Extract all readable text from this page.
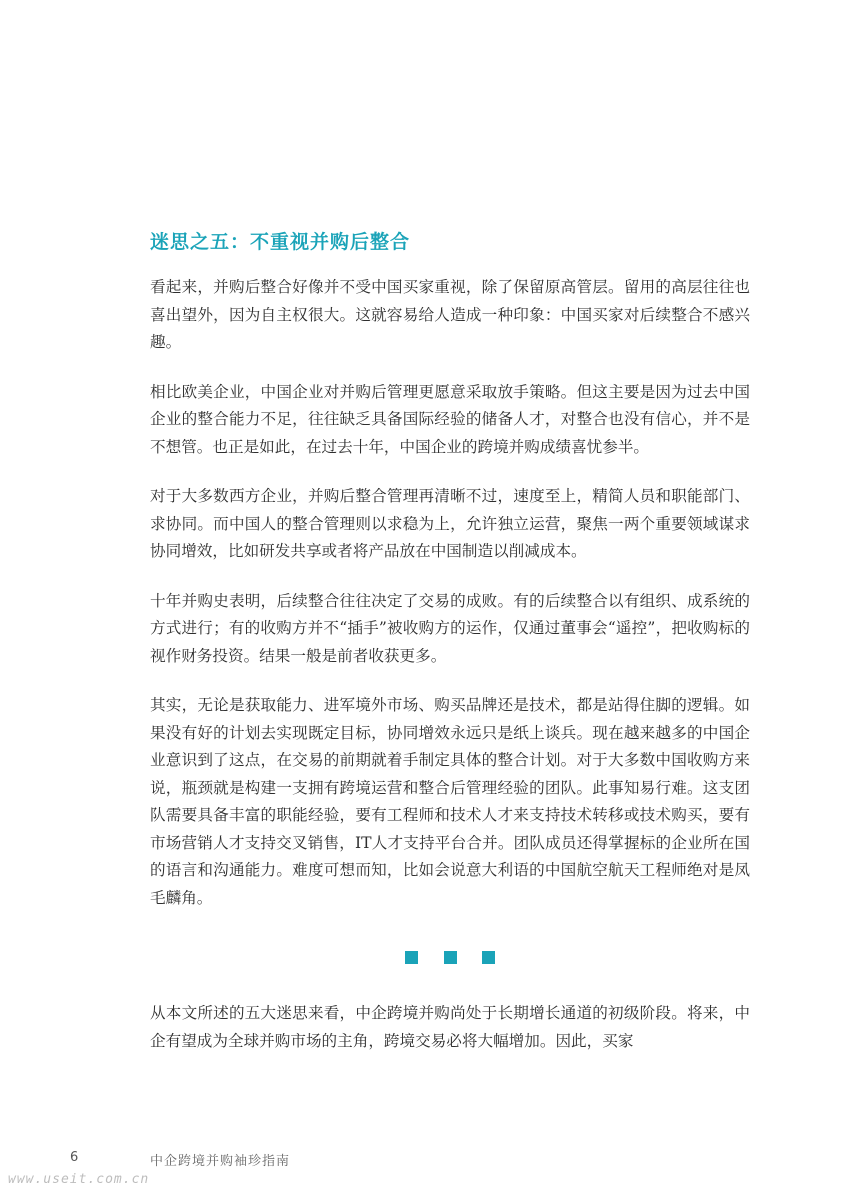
迷思之五：不重视并购后整合

看起来，并购后整合好像并不受中国买家重视，除了保留原高管层。留用的高层往往也喜出望外，因为自主权很大。这就容易给人造成一种印象：中国买家对后续整合不感兴趣。

相比欧美企业，中国企业对并购后管理更愿意采取放手策略。但这主要是因为过去中国企业的整合能力不足，往往缺乏具备国际经验的储备人才，对整合也没有信心，并不是不想管。也正是如此，在过去十年，中国企业的跨境并购成绩喜忧参半。

对于大多数西方企业，并购后整合管理再清晰不过，速度至上，精简人员和职能部门、求协同。而中国人的整合管理则以求稳为上，允许独立运营，聚焦一两个重要领域谋求协同增效，比如研发共享或者将产品放在中国制造以削减成本。

十年并购史表明，后续整合往往决定了交易的成败。有的后续整合以有组织、成系统的方式进行；有的收购方并不“插手”被收购方的运作，仅通过董事会“遥控”，把收购标的视作财务投资。结果一般是前者收获更多。

其实，无论是获取能力、进军境外市场、购买品牌还是技术，都是站得住脚的逻辑。如果没有好的计划去实现既定目标，协同增效永远只是纸上谈兵。现在越来越多的中国企业意识到了这点，在交易的前期就着手制定具体的整合计划。对于大多数中国收购方来说，瓶颈就是构建一支拥有跨境运营和整合后管理经验的团队。此事知易行难。这支团队需要具备丰富的职能经验，要有工程师和技术人才来支持技术转移或技术购买，要有市场营销人才支持交叉销售，IT人才支持平台合并。团队成员还得掌握标的企业所在国的语言和沟通能力。难度可想而知，比如会说意大利语的中国航空航天工程师绝对是凤毛麟角。

从本文所述的五大迷思来看，中企跨境并购尚处于长期增长通道的初级阶段。将来，中企有望成为全球并购市场的主角，跨境交易必将大幅增加。因此，买家

6	中企跨境并购袖珍指南
www.useit.com.cn
